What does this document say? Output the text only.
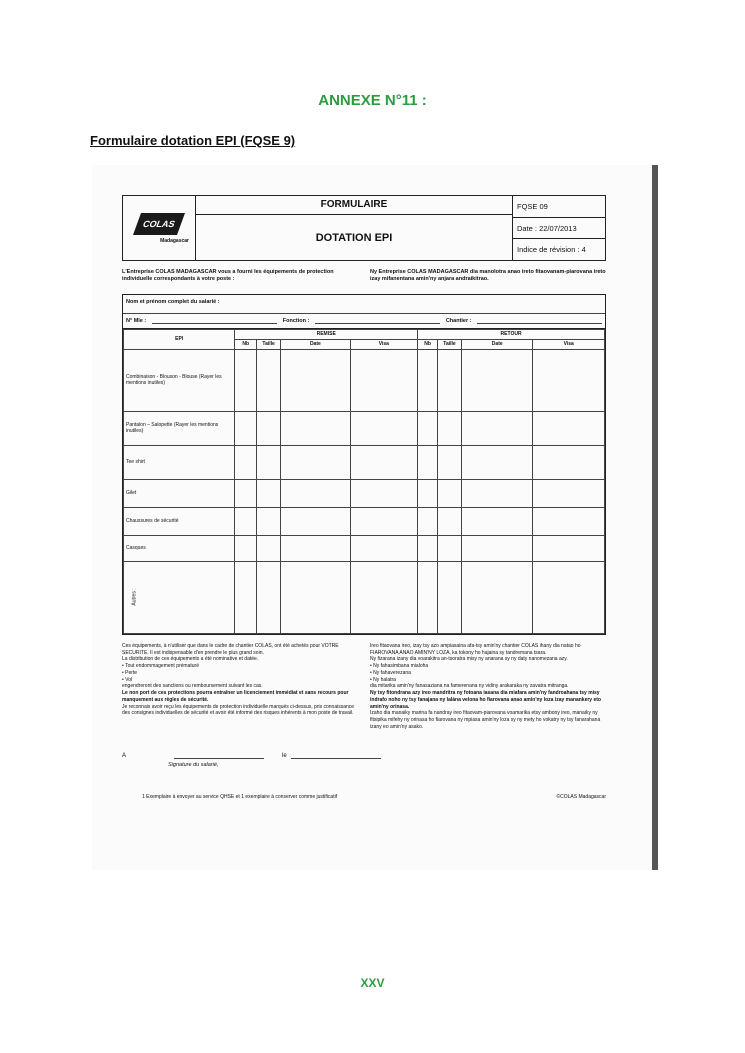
ANNEXE N°11 :
Formulaire dotation EPI (FQSE 9)
COLAS
Madagascar
FORMULAIRE
DOTATION EPI
FQSE 09
Date : 22/07/2013
Indice de révision : 4
L'Entreprise COLAS MADAGASCAR vous a fourni les équipements de protection individuelle correspondants à votre poste :
Ny Entreprise COLAS MADAGASCAR dia manolotra anao ireto fitaovanam-piarovana ireto izay mifanentana amin'ny anjara andraikitrao.
Nom et prénom complet du salarié :
N° Mle :	Fonction :	Chantier :
EPI	REMISE				RETOUR			
	Nb	Taille	Date	Visa	Nb	Taille	Date	Visa
Combinaison - Blouson - Blouse (Rayer les mentions inutiles)								
Pantalon – Salopette (Rayer les mentions inutiles)								
Tee shirt								
Gilet								
Chaussures de sécurité								
Casques								
Autres :								
Ces équipements, à n'utiliser que dans le cadre de chantier COLAS, ont été achetés pour VOTRE SECURITE. Il est indispensable d'en prendre le plus grand soin.
La distribution de ces équipements a été nominative et datée.
• Tout endommagement prématuré
• Perte
• Vol
engendreront des sanctions ou remboursement suivant les cas.
Le non port de ces protections pourra entraîner un licenciement immédiat et sans recours pour manquement aux règles de sécurité.
Je reconnais avoir reçu les équipements de protection individuelle marqués ci-dessus, pris connaissance des consignes individuelles de sécurité et avoir été informé des risques inhérents à mon poste de travail.
Ireo fitaovana ireo, izay tsy azo ampiasaina afa-tsy amin'ny chantier COLAS ihany dia natao ho FIAROVANA ANAO AMIN'NY LOZA, ka tokony ho hajaina sy tandremana tsara.
Ny fizarana izany dia voarakitra an-tsoratra misy ny anarana sy ny daty nanomezana azy.
• Ny fahasimbana mialoha
• Ny fahaverezana
• Ny halatra
dia mitarika amin'ny fanasaziana na famerenana ny vidiny arakaraka ny zavatra mitranga.
Ny tsy fitondrana azy ireo mandritra ny fotoana iasana dia miafara amin'ny fandroahana tsy misy indrafo noho ny tsy fanajana ny lalàna velona ho fiarovana anao amin'ny loza izay manankery eto amin'ny orinasa.
Izaho dia manaiky marina fa nandray ireo fitaovam-piarovana voamarika etsy ambony ireo, manaiky ny fitsipika mifehy ny orinasa ho fiarovana ny mpiasa amin'ny loza sy ny mety ho vokatry ny tsy fanarahana izany eo amin'ny asako.
A	le
Signature du salarié,
1 Exemplaire à envoyer au service QHSE et 1 exemplaire à conserver comme justificatif	©COLAS Madagascar
XXV
